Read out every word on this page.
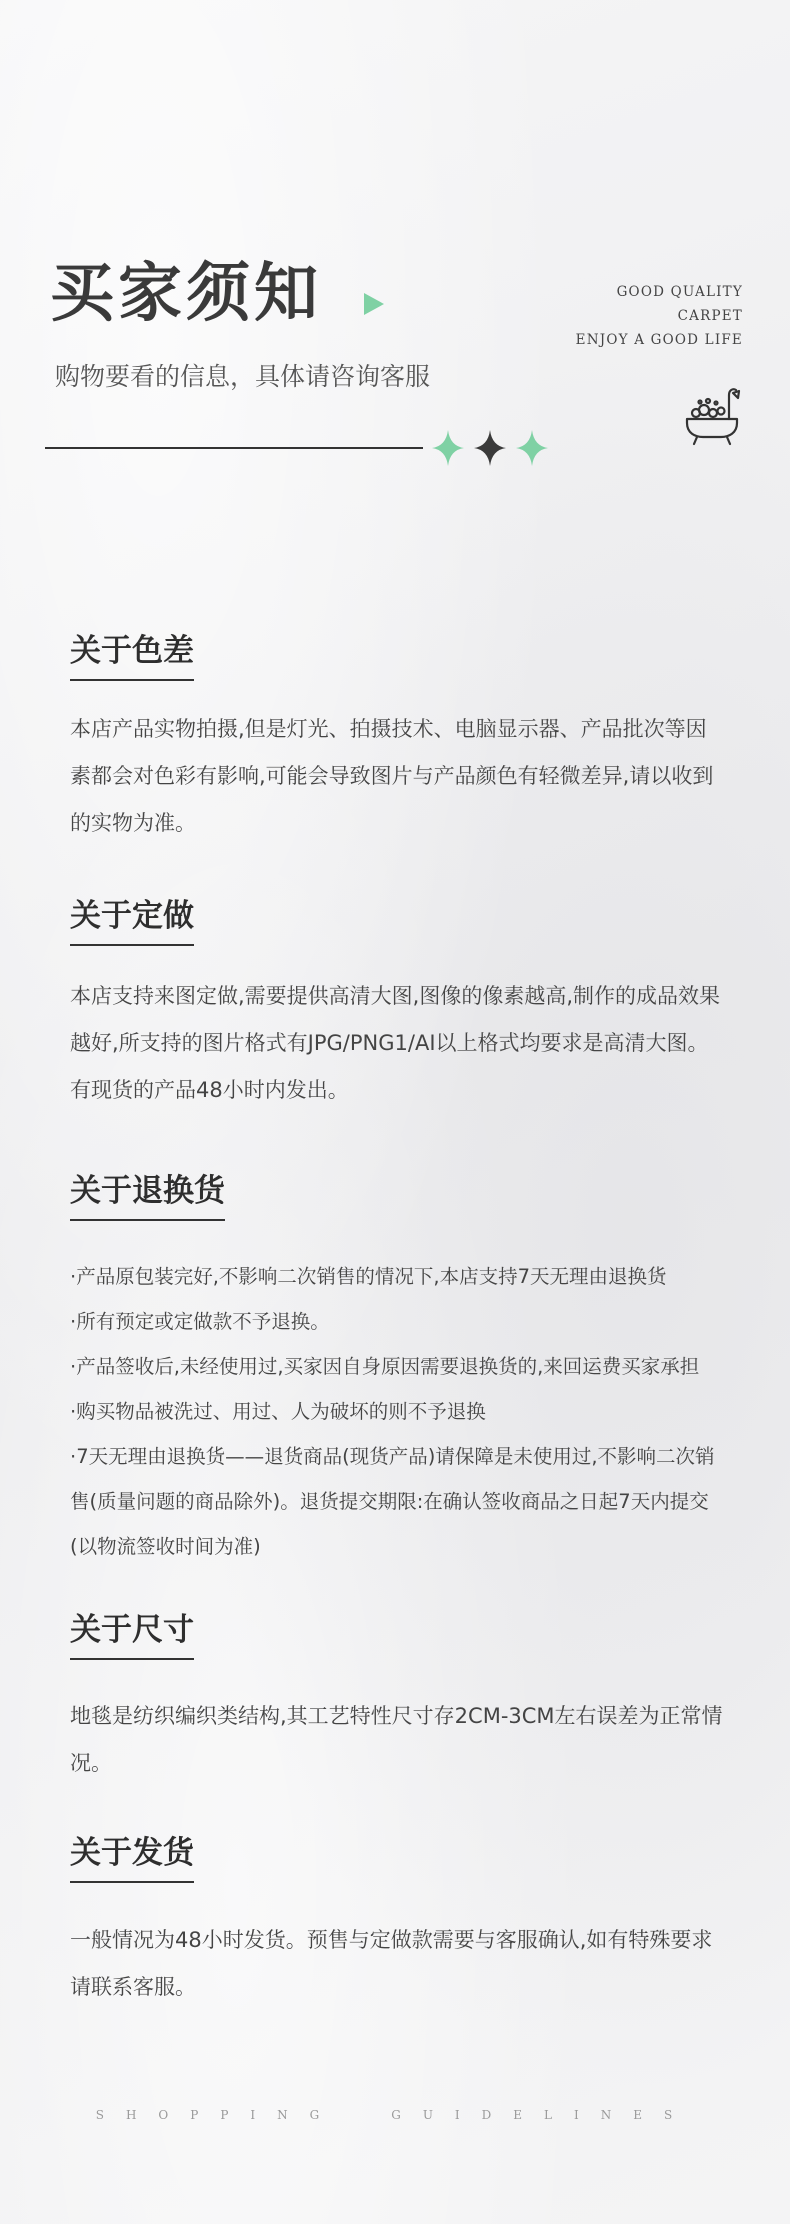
买家须知
购物要看的信息，具体请咨询客服
GOOD QUALITY
CARPET
ENJOY A GOOD LIFE
关于色差

本店产品实物拍摄,但是灯光、拍摄技术、电脑显示器、产品批次等因素都会对色彩有影响,可能会导致图片与产品颜色有轻微差异,请以收到的实物为准。

关于定做

本店支持来图定做,需要提供高清大图,图像的像素越高,制作的成品效果越好,所支持的图片格式有JPG/PNG1/AI以上格式均要求是高清大图。有现货的产品48小时内发出。

关于退换货
·产品原包装完好,不影响二次销售的情况下,本店支持7天无理由退换货
·所有预定或定做款不予退换。
·产品签收后,未经使用过,买家因自身原因需要退换货的,来回运费买家承担
·购买物品被洗过、用过、人为破坏的则不予退换
·7天无理由退换货——退货商品(现货产品)请保障是未使用过,不影响二次销售(质量问题的商品除外)。退货提交期限:在确认签收商品之日起7天内提交(以物流签收时间为准)
关于尺寸

地毯是纺织编织类结构,其工艺特性尺寸存2CM-3CM左右误差为正常情况。

关于发货

一般情况为48小时发货。预售与定做款需要与客服确认,如有特殊要求请联系客服。

SHOPPING	GUIDELINES
